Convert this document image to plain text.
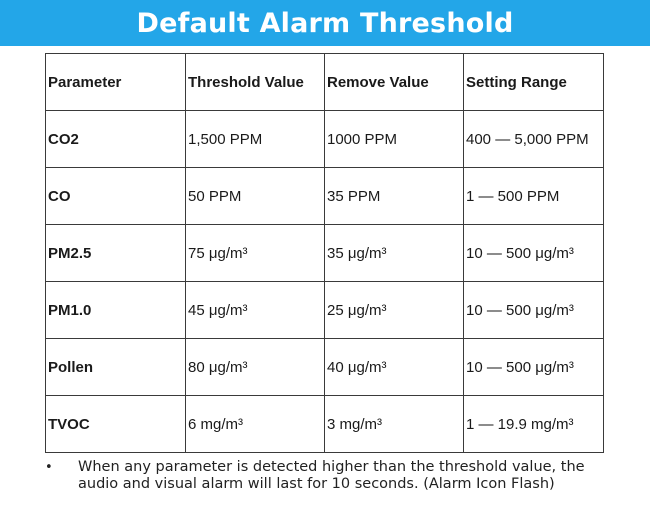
Default Alarm Threshold
Parameter	Threshold Value	Remove Value	Setting Range
CO2	1,500 PPM	1000 PPM	400 — 5,000 PPM
CO	50 PPM	35 PPM	1 — 500 PPM
PM2.5	75 μg/m³	35 μg/m³	10 — 500 μg/m³
PM1.0	45 μg/m³	25 μg/m³	10 — 500 μg/m³
Pollen	80 μg/m³	40 μg/m³	10 — 500 μg/m³
TVOC	6 mg/m³	3 mg/m³	1 — 19.9 mg/m³
•	When any parameter is detected higher than the threshold value, the audio and visual alarm will last for 10 seconds. (Alarm Icon Flash)
